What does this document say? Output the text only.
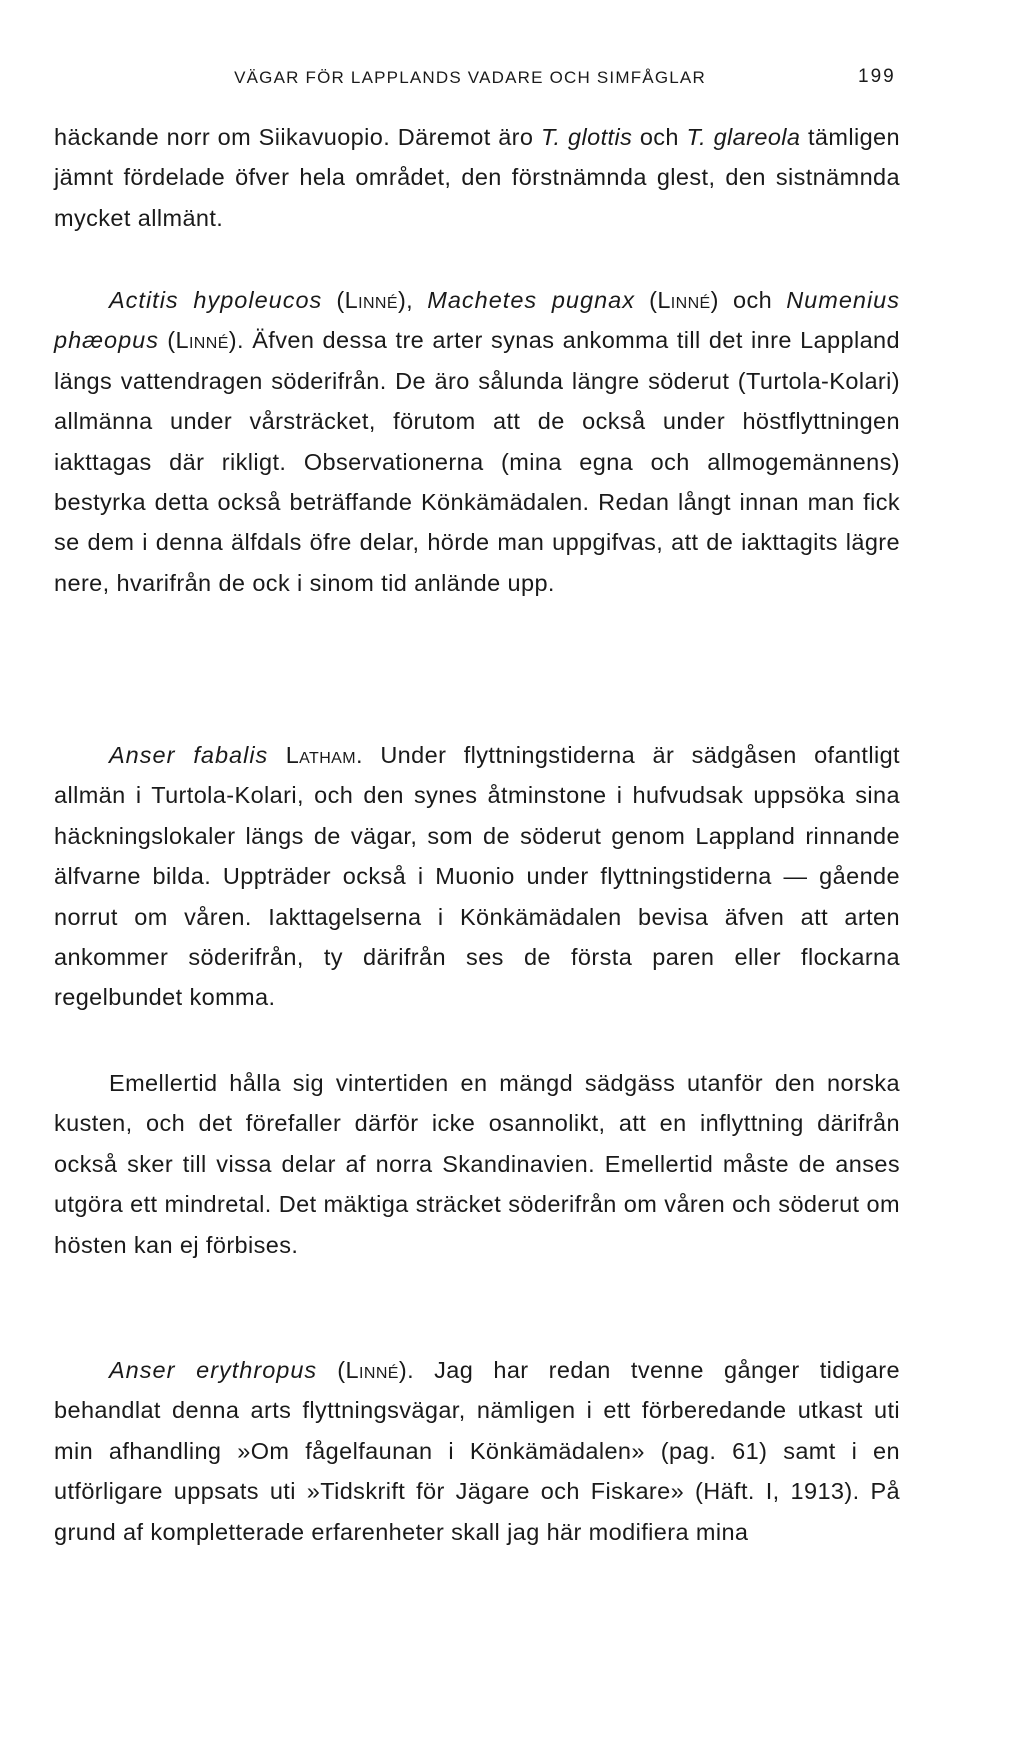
VÄGAR FÖR LAPPLANDS VADARE OCH SIMFÅGLAR	199

häckande norr om Siikavuopio. Däremot äro T. glottis och T. glareola tämligen jämnt fördelade öfver hela området, den förstnämnda glest, den sistnämnda mycket allmänt.

Actitis hypoleucos (Linné), Machetes pugnax (Linné) och Numenius phæopus (Linné). Äfven dessa tre arter synas ankomma till det inre Lappland längs vattendragen söderifrån. De äro sålunda längre söderut (Turtola-Kolari) allmänna under vårsträcket, förutom att de också under höstflyttningen iakttagas där rikligt. Observationerna (mina egna och allmogemännens) bestyrka detta också beträffande Könkämädalen. Redan långt innan man fick se dem i denna älfdals öfre delar, hörde man uppgifvas, att de iakttagits lägre nere, hvarifrån de ock i sinom tid anlände upp.

Anser fabalis Latham. Under flyttningstiderna är sädgåsen ofantligt allmän i Turtola-Kolari, och den synes åtminstone i hufvudsak uppsöka sina häckningslokaler längs de vägar, som de söderut genom Lappland rinnande älfvarne bilda. Uppträder också i Muonio under flyttningstiderna — gående norrut om våren. Iakttagelserna i Könkämädalen bevisa äfven att arten ankommer söderifrån, ty därifrån ses de första paren eller flockarna regelbundet komma.

Emellertid hålla sig vintertiden en mängd sädgäss utanför den norska kusten, och det förefaller därför icke osannolikt, att en inflyttning därifrån också sker till vissa delar af norra Skandinavien. Emellertid måste de anses utgöra ett mindretal. Det mäktiga sträcket söderifrån om våren och söderut om hösten kan ej förbises.

Anser erythropus (Linné). Jag har redan tvenne gånger tidigare behandlat denna arts flyttningsvägar, nämligen i ett förberedande utkast uti min afhandling »Om fågelfaunan i Könkämädalen» (pag. 61) samt i en utförligare uppsats uti »Tidskrift för Jägare och Fiskare» (Häft. I, 1913). På grund af kompletterade erfarenheter skall jag här modifiera mina
